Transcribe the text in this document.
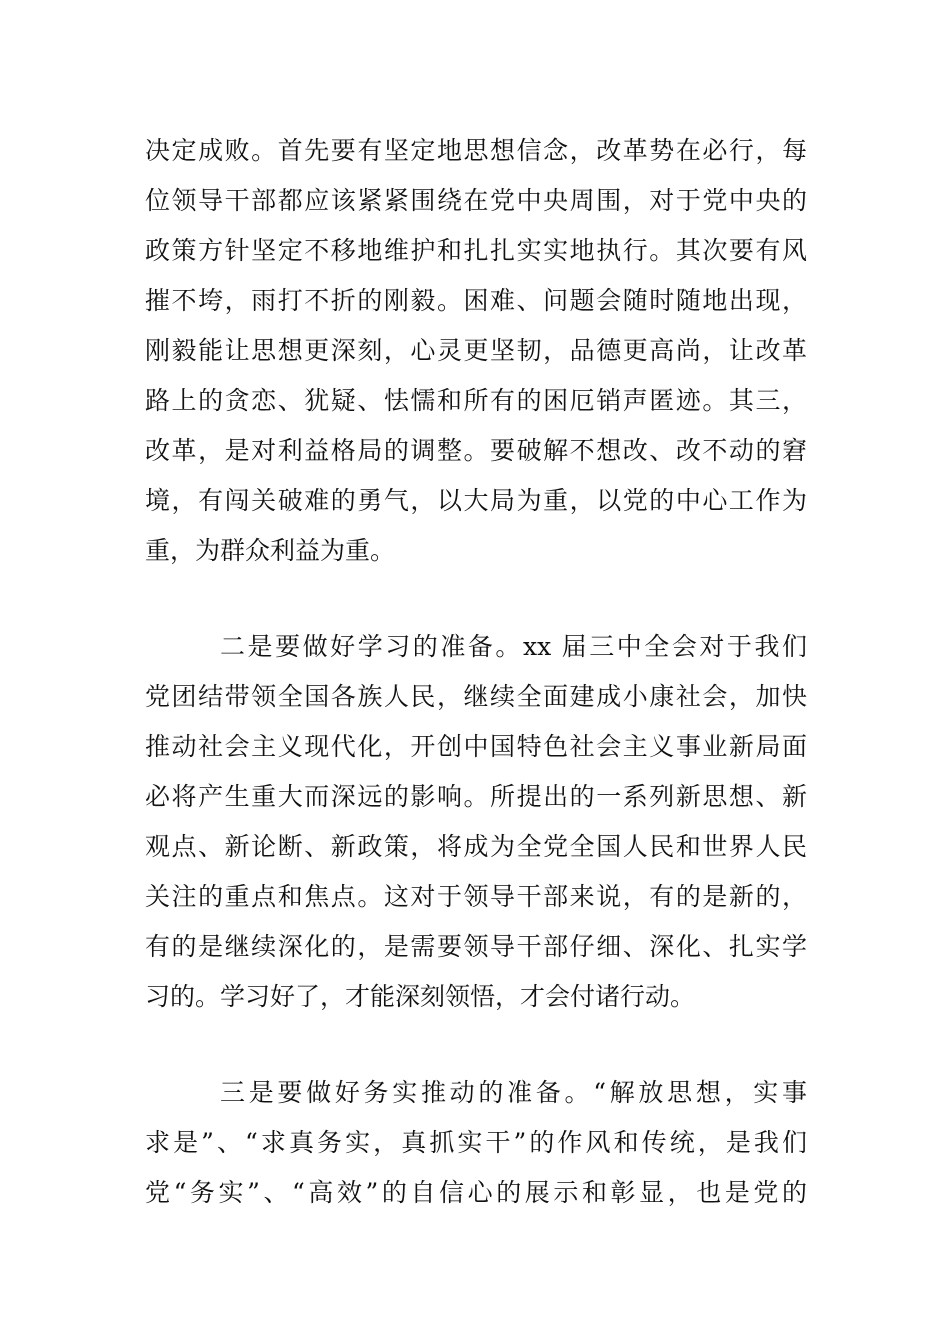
决定成败。首先要有坚定地思想信念，改革势在必行，每
位领导干部都应该紧紧围绕在党中央周围，对于党中央的
政策方针坚定不移地维护和扎扎实实地执行。其次要有风
摧不垮，雨打不折的刚毅。困难、问题会随时随地出现，
刚毅能让思想更深刻，心灵更坚韧，品德更高尚，让改革
路上的贪恋、犹疑、怯懦和所有的困厄销声匿迹。其三，
改革，是对利益格局的调整。要破解不想改、改不动的窘
境，有闯关破难的勇气，以大局为重，以党的中心工作为
重，为群众利益为重。
二是要做好学习的准备。xx 届三中全会对于我们
党团结带领全国各族人民，继续全面建成小康社会，加快
推动社会主义现代化，开创中国特色社会主义事业新局面
必将产生重大而深远的影响。所提出的一系列新思想、新
观点、新论断、新政策，将成为全党全国人民和世界人民
关注的重点和焦点。这对于领导干部来说，有的是新的，
有的是继续深化的，是需要领导干部仔细、深化、扎实学
习的。学习好了，才能深刻领悟，才会付诸行动。
三是要做好务实推动的准备。“解放思想，实事
求是”、“求真务实，真抓实干”的作风和传统，是我们
党“务实”、“高效”的自信心的展示和彰显，也是党的
